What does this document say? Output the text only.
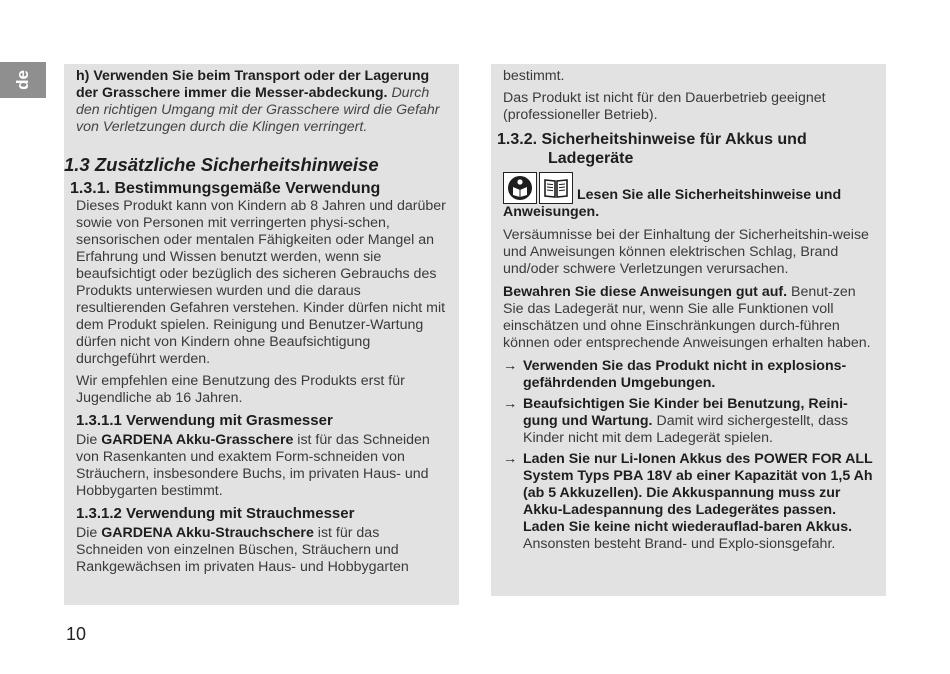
de	h) Verwenden Sie beim Transport oder der Lagerung der Grasschere immer die Messer-abdeckung. Durch den richtigen Umgang mit der Grasschere wird die Gefahr von Verletzungen durch die Klingen verringert.

1.3 Zusätzliche Sicherheitshinweise

1.3.1. Bestimmungsgemäße Verwendung

Dieses Produkt kann von Kindern ab 8 Jahren und darüber sowie von Personen mit verringerten physi-schen, sensorischen oder mentalen Fähigkeiten oder Mangel an Erfahrung und Wissen benutzt werden, wenn sie beaufsichtigt oder bezüglich des sicheren Gebrauchs des Produkts unterwiesen wurden und die daraus resultierenden Gefahren verstehen. Kinder dürfen nicht mit dem Produkt spielen. Reinigung und Benutzer-Wartung dürfen nicht von Kindern ohne Beaufsichtigung durchgeführt werden.

Wir empfehlen eine Benutzung des Produkts erst für Jugendliche ab 16 Jahren.

1.3.1.1 Verwendung mit Grasmesser

Die GARDENA Akku-Grasschere ist für das Schneiden von Rasenkanten und exaktem Form-schneiden von Sträuchern, insbesondere Buchs, im privaten Haus- und Hobbygarten bestimmt.

1.3.1.2 Verwendung mit Strauchmesser

Die GARDENA Akku-Strauchschere ist für das Schneiden von einzelnen Büschen, Sträuchern und Rankgewächsen im privaten Haus- und Hobbygarten

bestimmt.

Das Produkt ist nicht für den Dauerbetrieb geeignet (professioneller Betrieb).

1.3.2. Sicherheitshinweise für Akkus und

Ladegeräte

Lesen Sie alle Sicherheitshinweise und Anweisungen.

Versäumnisse bei der Einhaltung der Sicherheitshin-weise und Anweisungen können elektrischen Schlag, Brand und/oder schwere Verletzungen verursachen.

Bewahren Sie diese Anweisungen gut auf. Benut-zen Sie das Ladegerät nur, wenn Sie alle Funktionen voll einschätzen und ohne Einschränkungen durch-führen können oder entsprechende Anweisungen erhalten haben.

→ Verwenden Sie das Produkt nicht in explosions-gefährdenden Umgebungen.
→ Beaufsichtigen Sie Kinder bei Benutzung, Reini-gung und Wartung. Damit wird sichergestellt, dass Kinder nicht mit dem Ladegerät spielen.
→ Laden Sie nur Li-Ionen Akkus des POWER FOR ALL System Typs PBA 18V ab einer Kapazität von 1,5 Ah (ab 5 Akkuzellen). Die Akkuspannung muss zur Akku-Ladespannung des Ladegerätes passen. Laden Sie keine nicht wiederauflad-baren Akkus. Ansonsten besteht Brand- und Explo-sionsgefahr.
10
